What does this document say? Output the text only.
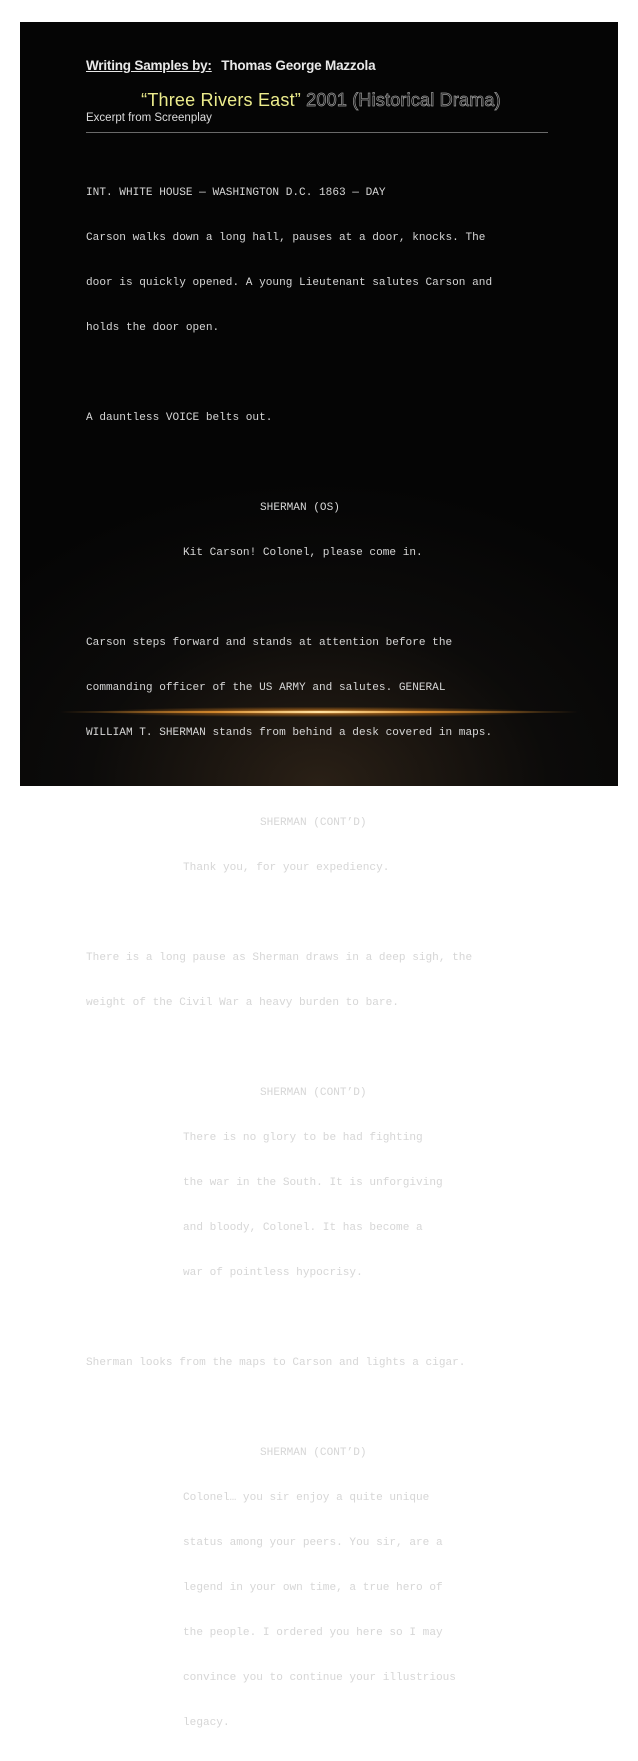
Writing Samples by: Thomas George Mazzola
“Three Rivers East” 2001 (Historical Drama)
Excerpt from Screenplay

INT. WHITE HOUSE — WASHINGTON D.C. 1863 — DAY

Carson walks down a long hall, pauses at a door, knocks. The

door is quickly opened. A young Lieutenant salutes Carson and

holds the door open.

A dauntless VOICE belts out.

SHERMAN (OS)

Kit Carson! Colonel, please come in.

Carson steps forward and stands at attention before the

commanding officer of the US ARMY and salutes. GENERAL

WILLIAM T. SHERMAN stands from behind a desk covered in maps.

SHERMAN (CONT’D)

Thank you, for your expediency.

There is a long pause as Sherman draws in a deep sigh, the

weight of the Civil War a heavy burden to bare.

SHERMAN (CONT’D)

There is no glory to be had fighting

the war in the South. It is unforgiving

and bloody, Colonel. It has become a

war of pointless hypocrisy.

Sherman looks from the maps to Carson and lights a cigar.

SHERMAN (CONT’D)

Colonel… you sir enjoy a quite unique

status among your peers. You sir, are a

legend in your own time, a true hero of

the people. I ordered you here so I may

convince you to continue your illustrious

legacy.
